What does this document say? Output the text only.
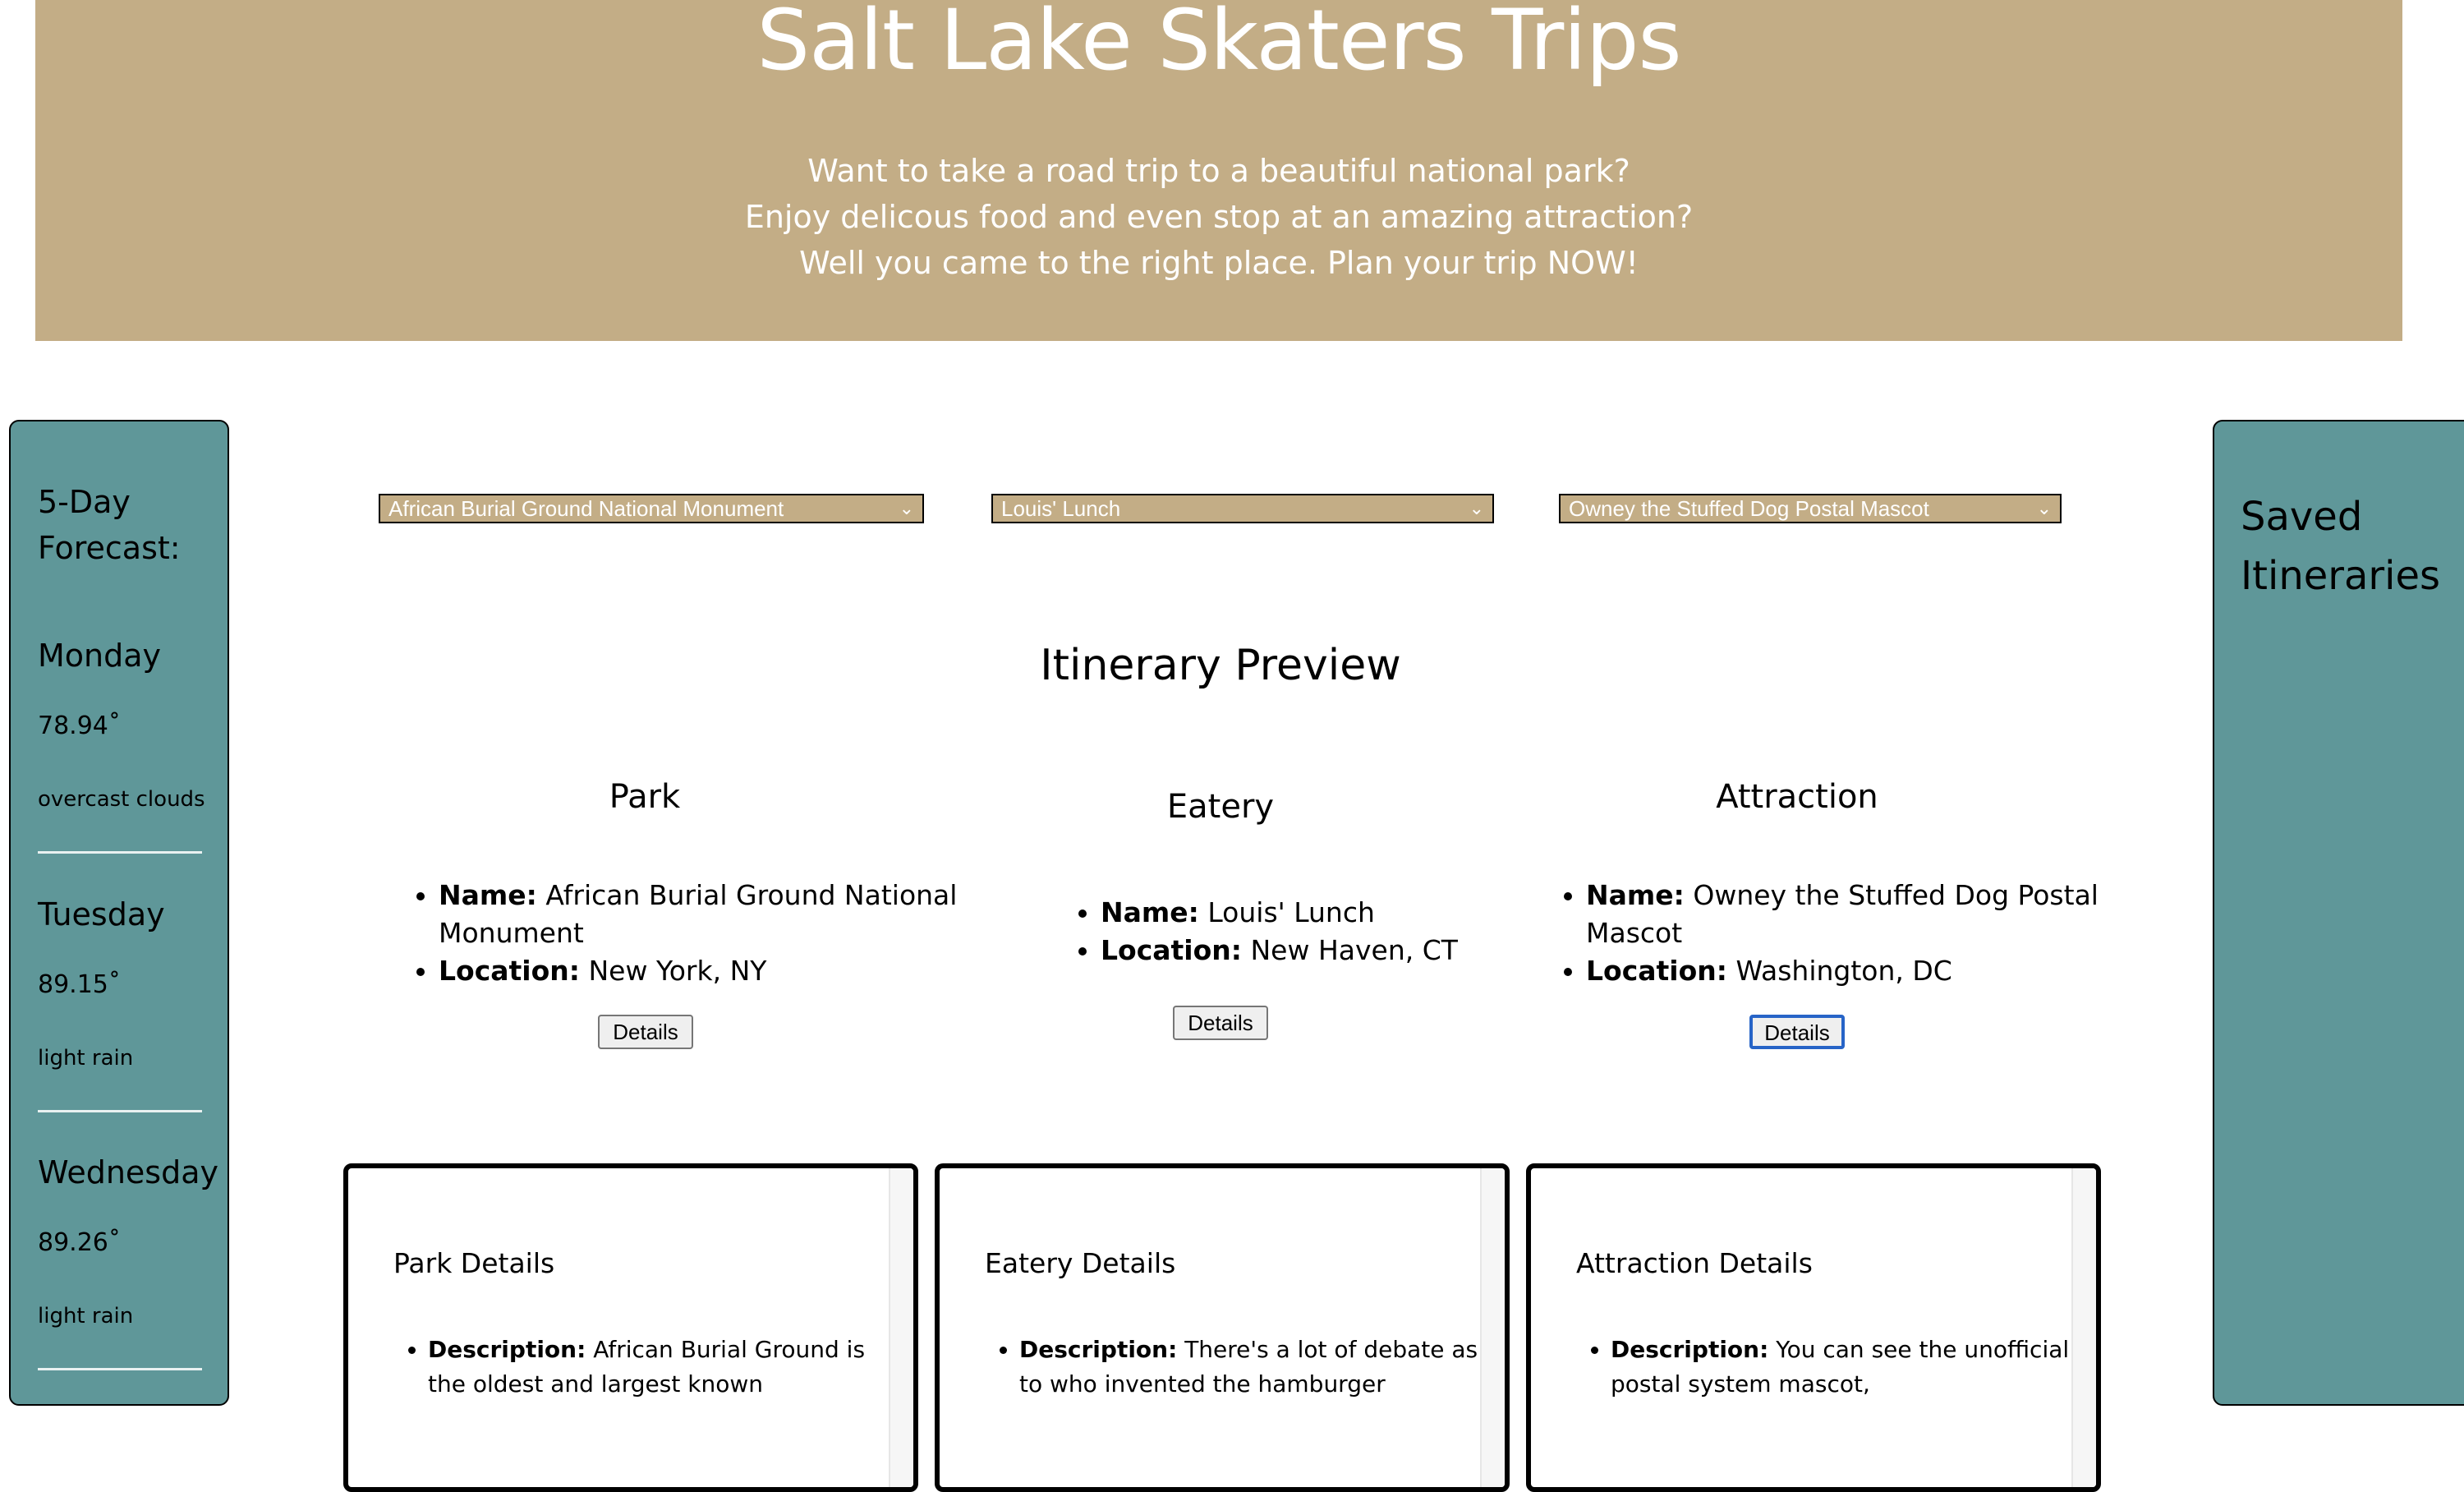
Salt Lake Skaters Trips

Want to take a road trip to a beautiful national park?
Enjoy delicous food and even stop at an amazing attraction?
Well you came to the right place. Plan your trip NOW!

5-Day Forecast:
Monday
78.94˚
overcast clouds
Tuesday
89.15˚
light rain
Wednesday
89.26˚
light rain
Saved Itineraries
African Burial Ground National Monument	⌄	Louis' Lunch	⌄	Owney the Stuffed Dog Postal Mascot	⌄
Itinerary Preview
Park
• Name: African Burial Ground National Monument
• Location: New York, NY
Details
Eatery
• Name: Louis' Lunch
• Location: New Haven, CT
Details
Attraction
• Name: Owney the Stuffed Dog Postal Mascot
• Location: Washington, DC
Details
Park Details
• Description: African Burial Ground is the oldest and largest known
Eatery Details
• Description: There's a lot of debate as to who invented the hamburger
Attraction Details
• Description: You can see the unofficial postal system mascot,
